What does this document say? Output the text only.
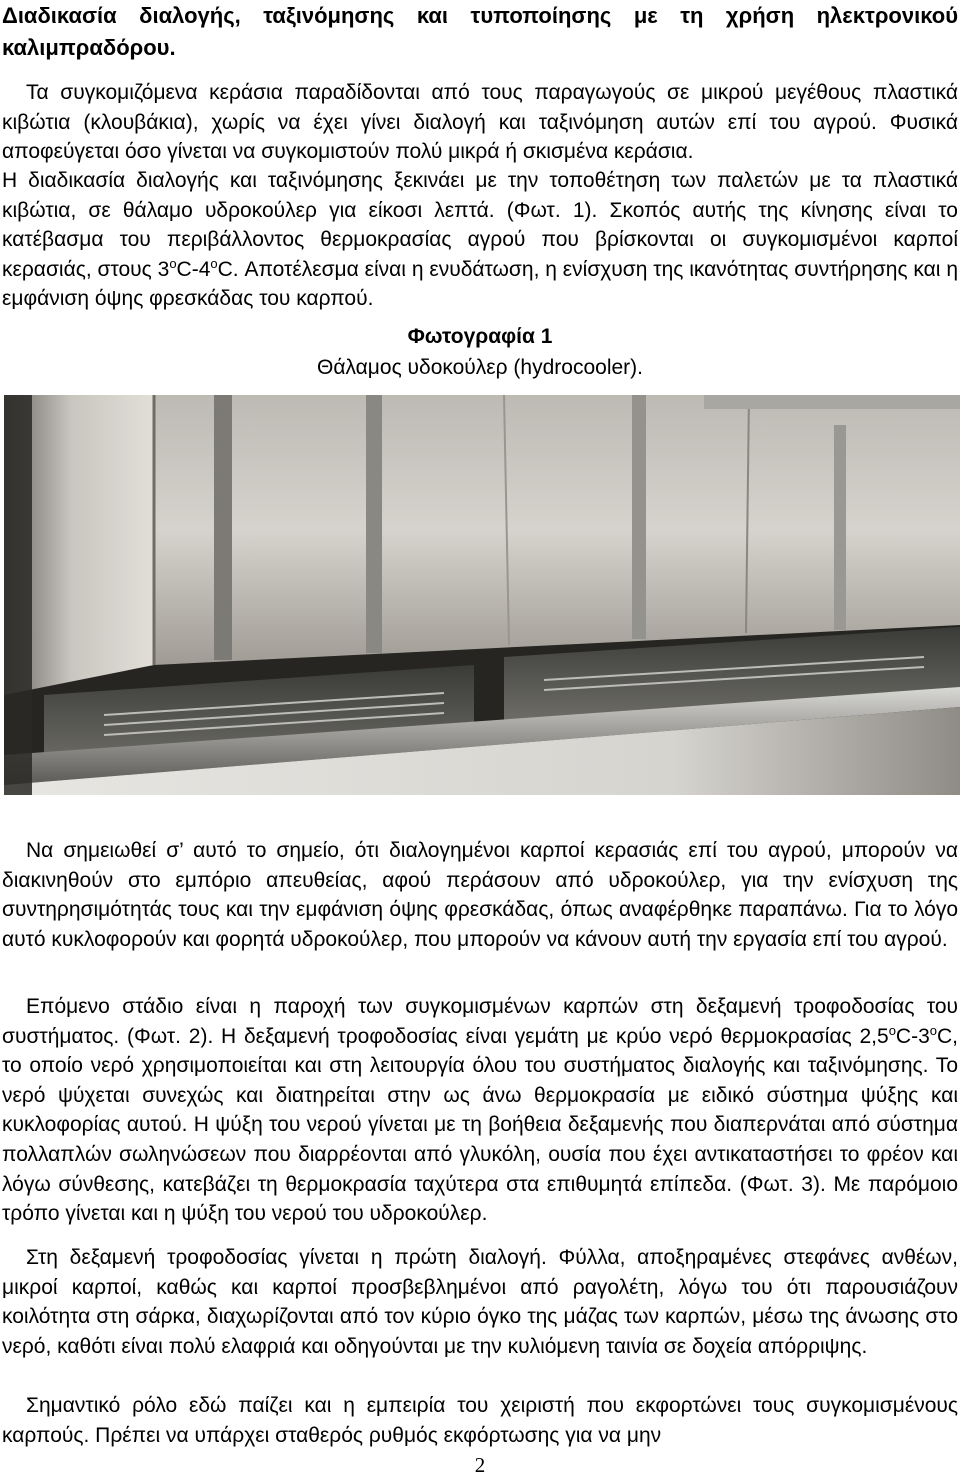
Διαδικασία διαλογής, ταξινόμησης και τυποποίησης με τη χρήση ηλεκτρονικού καλιμπραδόρου.

Τα συγκομιζόμενα κεράσια παραδίδονται από τους παραγωγούς σε μικρού μεγέθους πλαστικά κιβώτια (κλουβάκια), χωρίς να έχει γίνει διαλογή και ταξινόμηση αυτών επί του αγρού. Φυσικά αποφεύγεται όσο γίνεται να συγκομιστούν πολύ μικρά ή σκισμένα κεράσια.

Η διαδικασία διαλογής και ταξινόμησης ξεκινάει με την τοποθέτηση των παλετών με τα πλαστικά κιβώτια, σε θάλαμο υδροκούλερ για είκοσι λεπτά. (Φωτ. 1). Σκοπός αυτής της κίνησης είναι το κατέβασμα του περιβάλλοντος θερμοκρασίας αγρού που βρίσκονται οι συγκομισμένοι καρποί κερασιάς, στους 3$^o$C-4$^o$C. Αποτέλεσμα είναι η ενυδάτωση, η ενίσχυση της ικανότητας συντήρησης και η εμφάνιση όψης φρεσκάδας του καρπού.

Φωτογραφία 1
Θάλαμος υδοκούλερ (hydrocooler).

Να σημειωθεί σ’ αυτό το σημείο, ότι διαλογημένοι καρποί κερασιάς επί του αγρού, μπορούν να διακινηθούν στο εμπόριο απευθείας, αφού περάσουν από υδροκούλερ, για την ενίσχυση της συντηρησιμότητάς τους και την εμφάνιση όψης φρεσκάδας, όπως αναφέρθηκε παραπάνω. Για το λόγο αυτό κυκλοφορούν και φορητά υδροκούλερ, που μπορούν να κάνουν αυτή την εργασία επί του αγρού.

Επόμενο στάδιο είναι η παροχή των συγκομισμένων καρπών στη δεξαμενή τροφοδοσίας του συστήματος. (Φωτ. 2). Η δεξαμενή τροφοδοσίας είναι γεμάτη με κρύο νερό θερμοκρασίας 2,5$^o$C-3$^o$C, το οποίο νερό χρησιμοποιείται και στη λειτουργία όλου του συστήματος διαλογής και ταξινόμησης. Το νερό ψύχεται συνεχώς και διατηρείται στην ως άνω θερμοκρασία με ειδικό σύστημα ψύξης και κυκλοφορίας αυτού. Η ψύξη του νερού γίνεται με τη βοήθεια δεξαμενής που διαπερνάται από σύστημα πολλαπλών σωληνώσεων που διαρρέονται από γλυκόλη, ουσία που έχει αντικαταστήσει το φρέον και λόγω σύνθεσης, κατεβάζει τη θερμοκρασία ταχύτερα στα επιθυμητά επίπεδα. (Φωτ. 3). Με παρόμοιο τρόπο γίνεται και η ψύξη του νερού του υδροκούλερ.

Στη δεξαμενή τροφοδοσίας γίνεται η πρώτη διαλογή. Φύλλα, αποξηραμένες στεφάνες ανθέων, μικροί καρποί, καθώς και καρποί προσβεβλημένοι από ραγολέτη, λόγω του ότι παρουσιάζουν κοιλότητα στη σάρκα, διαχωρίζονται από τον κύριο όγκο της μάζας των καρπών, μέσω της άνωσης στο νερό, καθότι είναι πολύ ελαφριά και οδηγούνται με την κυλιόμενη ταινία σε δοχεία απόρριψης.

Σημαντικό ρόλο εδώ παίζει και η εμπειρία του χειριστή που εκφορτώνει τους συγκομισμένους καρπούς. Πρέπει να υπάρχει σταθερός ρυθμός εκφόρτωσης για να μην

2
